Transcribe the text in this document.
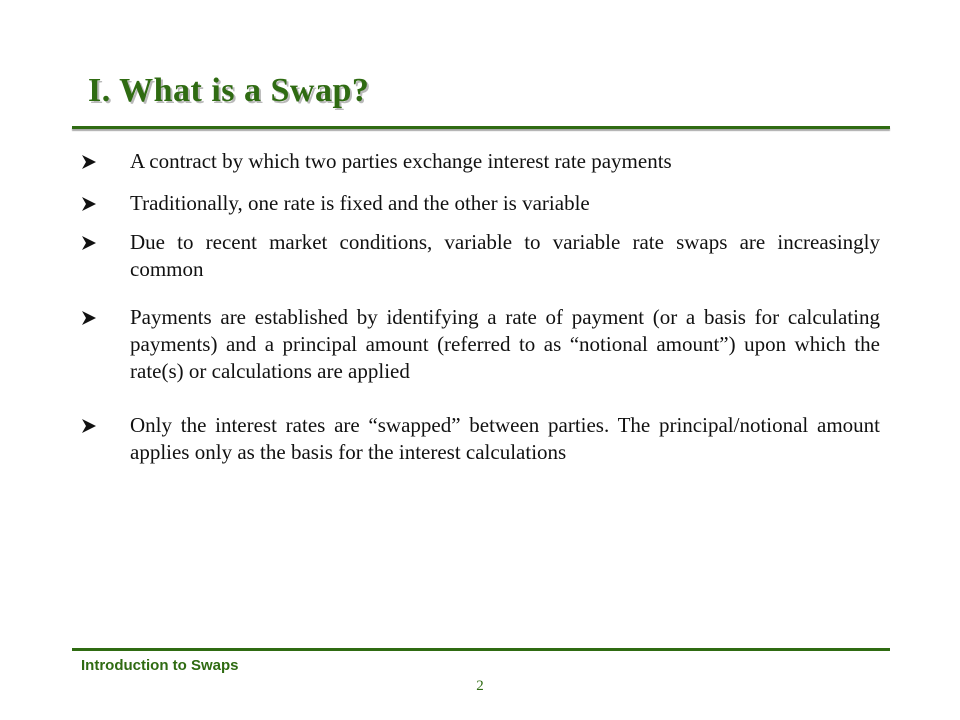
I. What is a Swap?
A contract by which two parties exchange interest rate payments
Traditionally, one rate is fixed and the other is variable
Due to recent market conditions, variable to variable rate swaps are increasingly common
Payments are established by identifying a rate of payment (or a basis for calculating payments) and a principal amount (referred to as “notional amount”) upon which the rate(s) or calculations are applied
Only the interest rates are “swapped” between parties. The principal/notional amount applies only as the basis for the interest calculations
Introduction to Swaps
2
